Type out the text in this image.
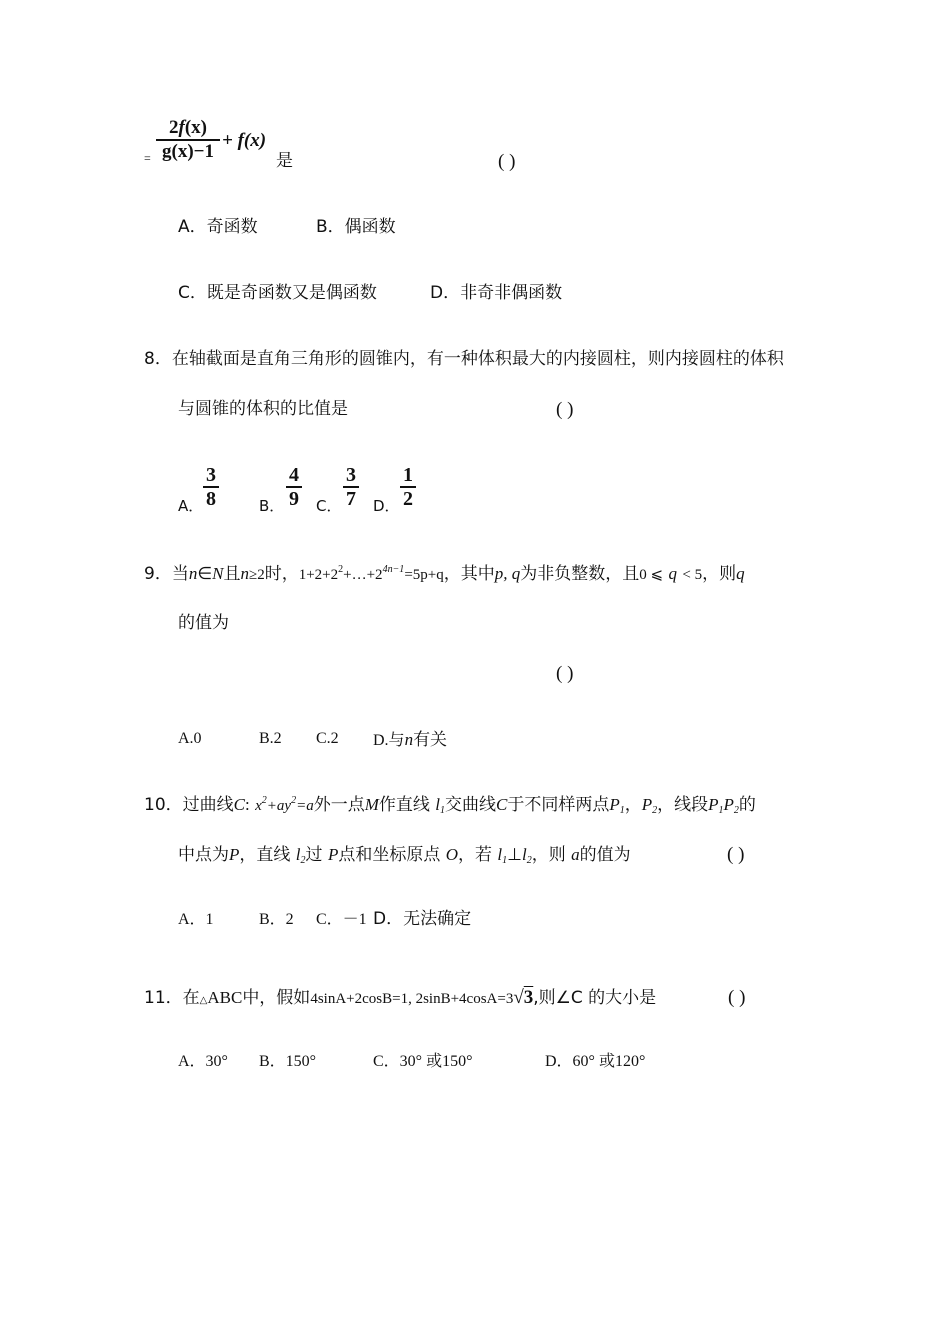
=
2f(x)
g(x)−1
+ f(x)
是	( )
A．奇函数	B．偶函数
C．既是奇函数又是偶函数	D．非奇非偶函数
8．在轴截面是直角三角形的圆锥内，有一种体积最大的内接圆柱，则内接圆柱的体积
与圆锥的体积的比值是	( )
A．
3
8	B．
4
9 C．
3
7 D．
1
2
9．当n∈N且n≥2时，$1+2+2^2+\dots+2^{4n-1}=5p+q$，其中p, q为非负整数，且0 ⩽ q < 5，则q
的值为
( )
A.0	B.2 C.2 D.与n有关
10．过曲线C: $x^2+ay^2=a$外一点M作直线 $l_1$交曲线C于不同样两点$P_1$，$P_2$，线段$P_1P_2$的
中点为P，直线 $l_2$过 P点和坐标原点 O，若 $l_1\perp l_2$，则 a的值为	( )
A．1	B．2 C．－1 D．无法确定
11．在△ABC中，假如4sinA+2cosB=1, 2sinB+4cosA=3√3,则∠C 的大小是	( )
A．30° B．150°	C．30° 或150°	D．60° 或120°
